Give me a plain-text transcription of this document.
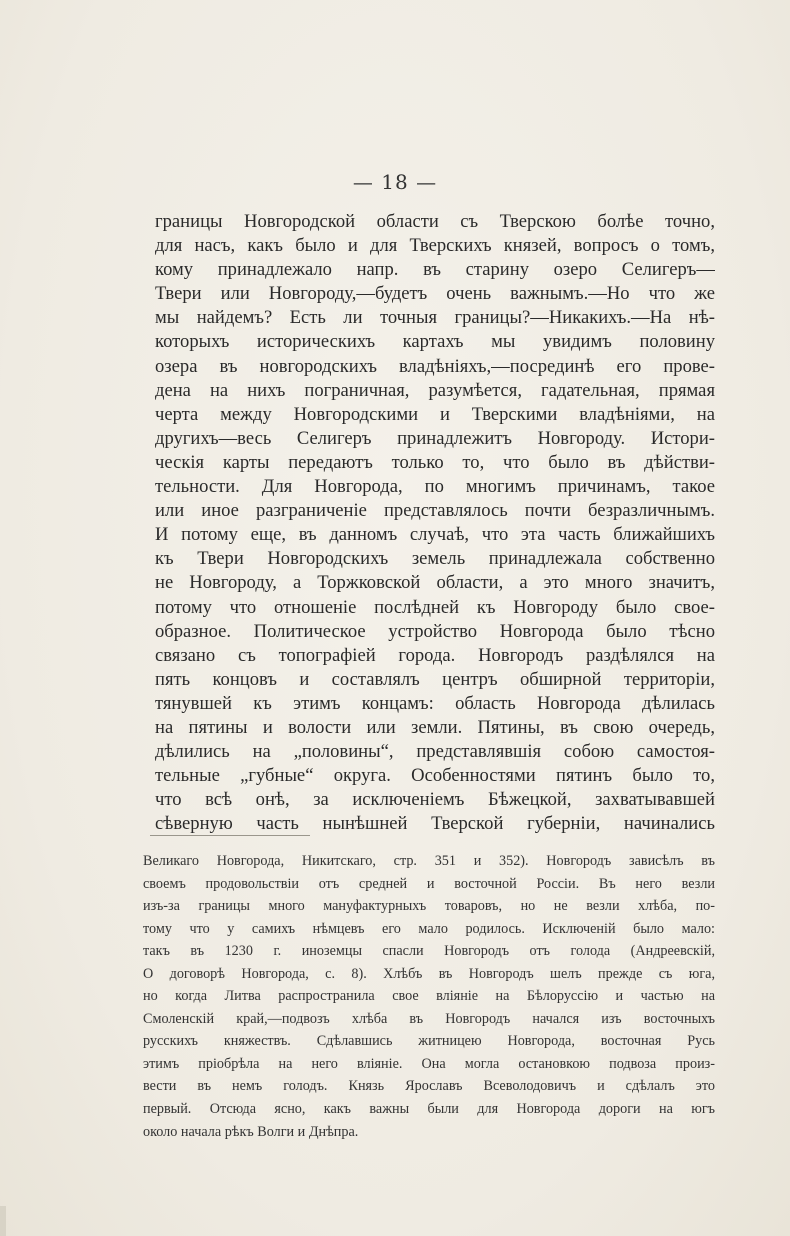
— 18 —
границы Новгородской области съ Тверскою болѣе точно,
для насъ, какъ было и для Тверскихъ князей, вопросъ о томъ,
кому принадлежало напр. въ старину озеро Селигеръ—
Твери или Новгороду,—будетъ очень важнымъ.—Но что же
мы найдемъ? Есть ли точныя границы?—Никакихъ.—На нѣ-
которыхъ историческихъ картахъ мы увидимъ половину
озера въ новгородскихъ владѣніяхъ,—посрединѣ его прове-
дена на нихъ пограничная, разумѣется, гадательная, прямая
черта между Новгородскими и Тверскими владѣніями, на
другихъ—весь Селигеръ принадлежитъ Новгороду. Истори-
ческія карты передаютъ только то, что было въ дѣйстви-
тельности. Для Новгорода, по многимъ причинамъ, такое
или иное разграниченіе представлялось почти безразличнымъ.
И потому еще, въ данномъ случаѣ, что эта часть ближайшихъ
къ Твери Новгородскихъ земель принадлежала собственно
не Новгороду, а Торжковской области, а это много значитъ,
потому что отношеніе послѣдней къ Новгороду было свое-
образное. Политическое устройство Новгорода было тѣсно
связано съ топографіей города. Новгородъ раздѣлялся на
пять концовъ и составлялъ центръ обширной территоріи,
тянувшей къ этимъ концамъ: область Новгорода дѣлилась
на пятины и волости или земли. Пятины, въ свою очередь,
дѣлились на „половины“, представлявшія собою самостоя-
тельные „губные“ округа. Особенностями пятинъ было то,
что всѣ онѣ, за исключеніемъ Бѣжецкой, захватывавшей
сѣверную часть нынѣшней Тверской губерніи, начинались
Великаго Новгорода, Никитскаго, стр. 351 и 352). Новгородъ зависѣлъ въ
своемъ продовольствіи отъ средней и восточной Россіи. Въ него везли
изъ-за границы много мануфактурныхъ товаровъ, но не везли хлѣба, по-
тому что у самихъ нѣмцевъ его мало родилось. Исключеній было мало:
такъ въ 1230 г. иноземцы спасли Новгородъ отъ голода (Андреевскій,
О договорѣ Новгорода, с. 8). Хлѣбъ въ Новгородъ шелъ прежде съ юга,
но когда Литва распространила свое вліяніе на Бѣлоруссію и частью на
Смоленскій край,—подвозъ хлѣба въ Новгородъ начался изъ восточныхъ
русскихъ княжествъ. Сдѣлавшись житницею Новгорода, восточная Русь
этимъ пріобрѣла на него вліяніе. Она могла остановкою подвоза произ-
вести въ немъ голодъ. Князь Ярославъ Всеволодовичъ и сдѣлалъ это
первый. Отсюда ясно, какъ важны были для Новгорода дороги на югъ
около начала рѣкъ Волги и Днѣпра.
